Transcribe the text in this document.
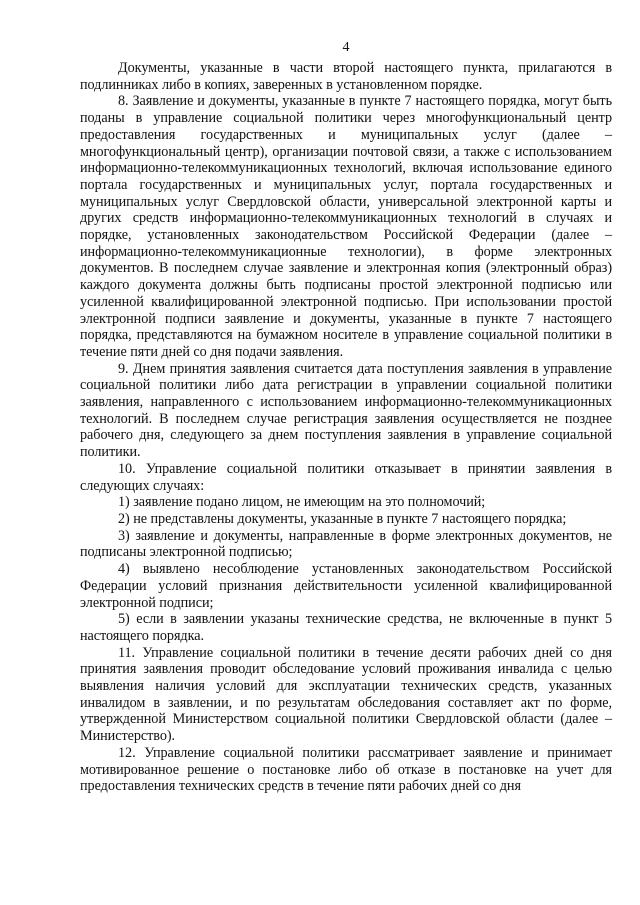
4

Документы, указанные в части второй настоящего пункта, прилагаются в подлинниках либо в копиях, заверенных в установленном порядке.

8. Заявление и документы, указанные в пункте 7 настоящего порядка, могут быть поданы в управление социальной политики через многофункциональный центр предоставления государственных и муниципальных услуг (далее – многофункциональный центр), организации почтовой связи, а также с использованием информационно-телекоммуникационных технологий, включая использование единого портала государственных и муниципальных услуг, портала государственных и муниципальных услуг Свердловской области, универсальной электронной карты и других средств информационно-телекоммуникационных технологий в случаях и порядке, установленных законодательством Российской Федерации (далее – информационно-телекоммуникационные технологии), в форме электронных документов. В последнем случае заявление и электронная копия (электронный образ) каждого документа должны быть подписаны простой электронной подписью или усиленной квалифицированной электронной подписью. При использовании простой электронной подписи заявление и документы, указанные в пункте 7 настоящего порядка, представляются на бумажном носителе в управление социальной политики в течение пяти дней со дня подачи заявления.

9. Днем принятия заявления считается дата поступления заявления в управление социальной политики либо дата регистрации в управлении социальной политики заявления, направленного с использованием информационно-телекоммуникационных технологий. В последнем случае регистрация заявления осуществляется не позднее рабочего дня, следующего за днем поступления заявления в управление социальной политики.

10. Управление социальной политики отказывает в принятии заявления в следующих случаях:

1) заявление подано лицом, не имеющим на это полномочий;

2) не представлены документы, указанные в пункте 7 настоящего порядка;

3) заявление и документы, направленные в форме электронных документов, не подписаны электронной подписью;

4) выявлено несоблюдение установленных законодательством Российской Федерации условий признания действительности усиленной квалифицированной электронной подписи;

5) если в заявлении указаны технические средства, не включенные в пункт 5 настоящего порядка.

11. Управление социальной политики в течение десяти рабочих дней со дня принятия заявления проводит обследование условий проживания инвалида с целью выявления наличия условий для эксплуатации технических средств, указанных инвалидом в заявлении, и по результатам обследования составляет акт по форме, утвержденной Министерством социальной политики Свердловской области (далее – Министерство).

12. Управление социальной политики рассматривает заявление и принимает мотивированное решение о постановке либо об отказе в постановке на учет для предоставления технических средств в течение пяти рабочих дней со дня
